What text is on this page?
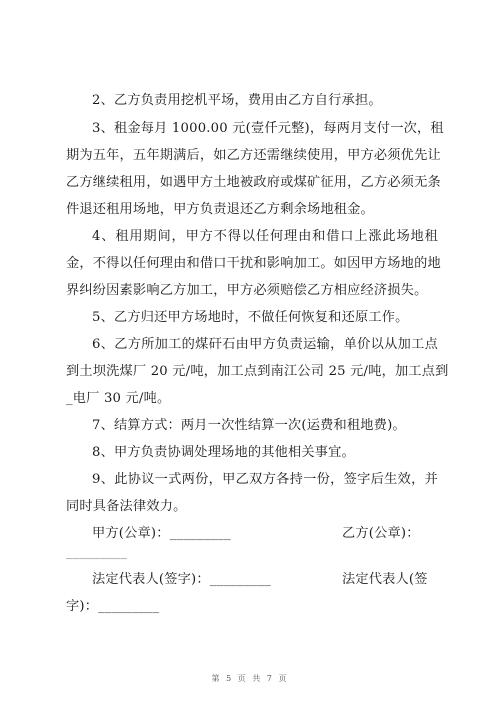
2、乙方负责用挖机平场，费用由乙方自行承担。
3、租金每月 1000.00 元(壹仟元整)，每两月支付一次，租
期为五年，五年期满后，如乙方还需继续使用，甲方必须优先让
乙方继续租用，如遇甲方土地被政府或煤矿征用，乙方必须无条
件退还租用场地，甲方负责退还乙方剩余场地租金。
4、租用期间，甲方不得以任何理由和借口上涨此场地租
金，不得以任何理由和借口干扰和影响加工。如因甲方场地的地
界纠纷因素影响乙方加工，甲方必须赔偿乙方相应经济损失。
5、乙方归还甲方场地时，不做任何恢复和还原工作。
6、乙方所加工的煤矸石由甲方负责运输，单价以从加工点
到土坝洗煤厂 20 元/吨，加工点到南江公司 25 元/吨，加工点到
_电厂 30 元/吨。
7、结算方式：两月一次性结算一次(运费和租地费)。
8、甲方负责协调处理场地的其他相关事宜。
9、此协议一式两份，甲乙双方各持一份，签字后生效，并
同时具备法律效力。
甲方(公章)：_________	乙方(公章)：
_________
法定代表人(签字)：_________	法定代表人(签
字)：_________
第 5 页 共 7 页
